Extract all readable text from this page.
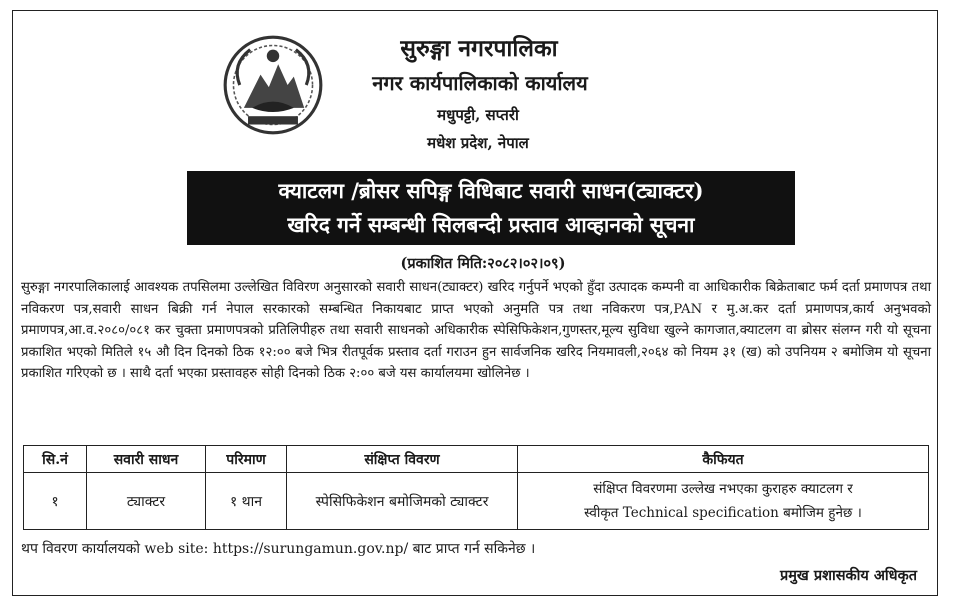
सुरुङ्गा नगरपालिका
नगर कार्यपालिकाको कार्यालय
मधुपट्टी, सप्तरी
मधेश प्रदेश, नेपाल
क्याटलग /ब्रोसर सपिङ्ग विधिबाट सवारी साधन(ट्याक्टर)
खरिद गर्ने सम्बन्धी सिलबन्दी प्रस्ताव आव्हानको सूचना
(प्रकाशित मिति:२०८२।०२।०९)
सुरुङ्गा नगरपालिकालाई आवश्यक तपसिलमा उल्लेखित विविरण अनुसारको सवारी साधन(ट्याक्टर) खरिद गर्नुपर्ने भएको हुँदा उत्पादक कम्पनी वा आधिकारीक बिक्रेताबाट फर्म दर्ता प्रमाणपत्र तथा नविकरण पत्र,सवारी साधन बिक्री गर्न नेपाल सरकारको सम्बन्धित निकायबाट प्राप्त भएको अनुमति पत्र तथा नविकरण पत्र,PAN र मु.अ.कर दर्ता प्रमाणपत्र,कार्य अनुभवको प्रमाणपत्र,आ.व.२०८०/०८१ कर चुक्ता प्रमाणपत्रको प्रतिलिपीहरु तथा सवारी साधनको अधिकारीक स्पेसिफिकेशन,गुणस्तर,मूल्य सुविधा खुल्ने कागजात,क्याटलग वा ब्रोसर संलग्न गरी यो सूचना प्रकाशित भएको मितिले १५ औ दिन दिनको ठिक १२:०० बजे भित्र रीतपूर्वक प्रस्ताव दर्ता गराउन हुन सार्वजनिक खरिद नियमावली,२०६४ को नियम ३१ (ख) को उपनियम २ बमोजिम यो सूचना प्रकाशित गरिएको छ । साथै दर्ता भएका प्रस्तावहरु सोही दिनको ठिक २:०० बजे यस कार्यालयमा खोलिनेछ ।
सि.नं	सवारी साधन	परिमाण	संक्षिप्त विवरण	कैफियत
१	ट्याक्टर	१ थान	स्पेसिफिकेशन बमोजिमको ट्याक्टर	संक्षिप्त विवरणमा उल्लेख नभएका कुराहरु क्याटलग र
स्वीकृत Technical specification बमोजिम हुनेछ ।
थप विवरण कार्यालयको web site: https://surungamun.gov.np/ बाट प्राप्त गर्न सकिनेछ ।
प्रमुख प्रशासकीय अधिकृत
